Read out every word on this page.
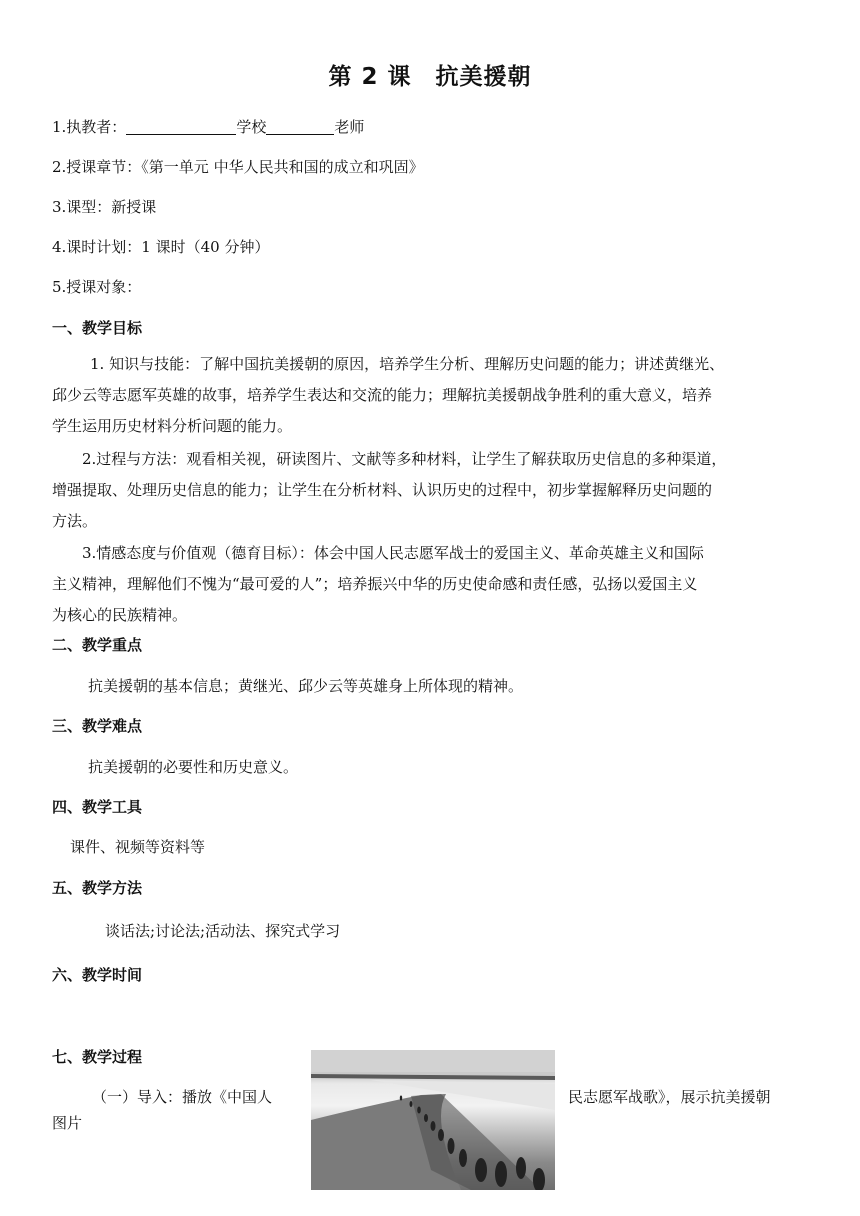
第 2 课 抗美援朝
1.执教者：	学校	老师
2.授课章节：《第一单元 中华人民共和国的成立和巩固》
3.课型：新授课
4.课时计划：1 课时（40 分钟）
5.授课对象：
一、教学目标
1. 知识与技能：了解中国抗美援朝的原因，培养学生分析、理解历史问题的能力；讲述黄继光、
邱少云等志愿军英雄的故事，培养学生表达和交流的能力；理解抗美援朝战争胜利的重大意义，培养
学生运用历史材料分析问题的能力。
2.过程与方法：观看相关视，研读图片、文献等多种材料，让学生了解获取历史信息的多种渠道，
增强提取、处理历史信息的能力；让学生在分析材料、认识历史的过程中，初步掌握解释历史问题的
方法。
3.情感态度与价值观（德育目标）：体会中国人民志愿军战士的爱国主义、革命英雄主义和国际
主义精神，理解他们不愧为“最可爱的人”；培养振兴中华的历史使命感和责任感，弘扬以爱国主义
为核心的民族精神。
二、教学重点
抗美援朝的基本信息；黄继光、邱少云等英雄身上所体现的精神。
三、教学难点
抗美援朝的必要性和历史意义。
四、教学工具
课件、视频等资料等
五、教学方法
谈话法;讨论法;活动法、探究式学习
六、教学时间
七、教学过程
（一）导入：播放《中国人	民志愿军战歌》，展示抗美援朝
图片
